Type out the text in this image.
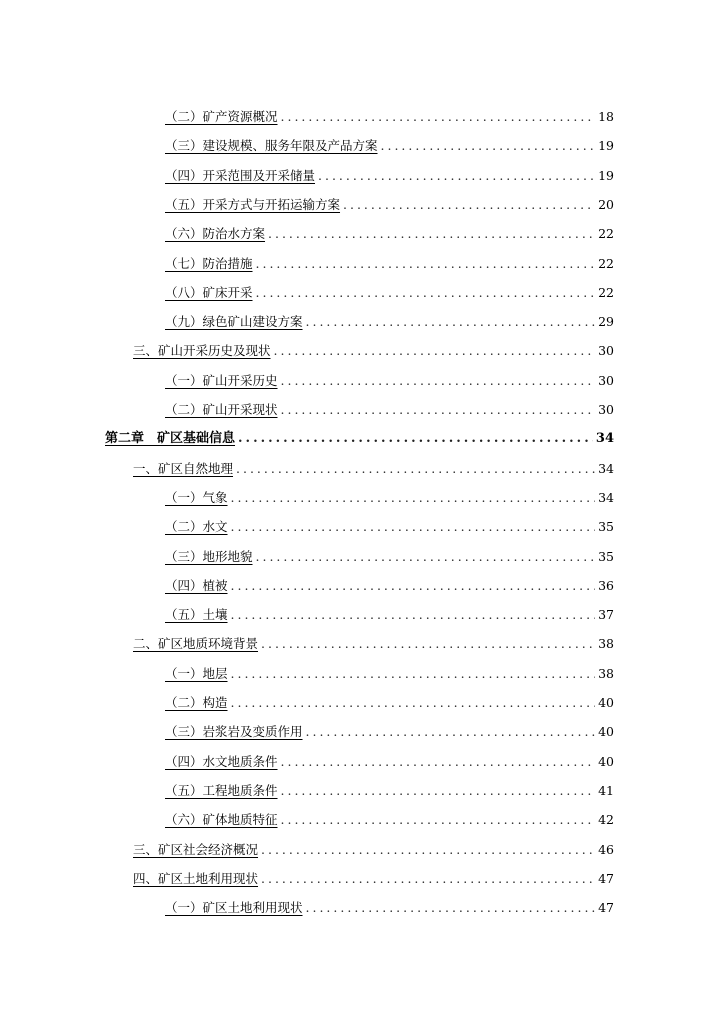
（二）矿产资源概况 .....	18
（三）建设规模、服务年限及产品方案 .....	19
（四）开采范围及开采储量 .....	19
（五）开采方式与开拓运输方案 .....	20
（六）防治水方案 .....	22
（七）防治措施 .....	22
（八）矿床开采 .....	22
（九）绿色矿山建设方案 .....	29
三、矿山开采历史及现状 .....	30
（一）矿山开采历史 .....	30
（二）矿山开采现状 .....	30
第二章　矿区基础信息 .....	34
一、矿区自然地理 .....	34
（一）气象 .....	34
（二）水文 .....	35
（三）地形地貌 .....	35
（四）植被 .....	36
（五）土壤 .....	37
二、矿区地质环境背景 .....	38
（一）地层 .....	38
（二）构造 .....	40
（三）岩浆岩及变质作用 .....	40
（四）水文地质条件 .....	40
（五）工程地质条件 .....	41
（六）矿体地质特征 .....	42
三、矿区社会经济概况 .....	46
四、矿区土地利用现状 .....	47
（一）矿区土地利用现状 .....	47
